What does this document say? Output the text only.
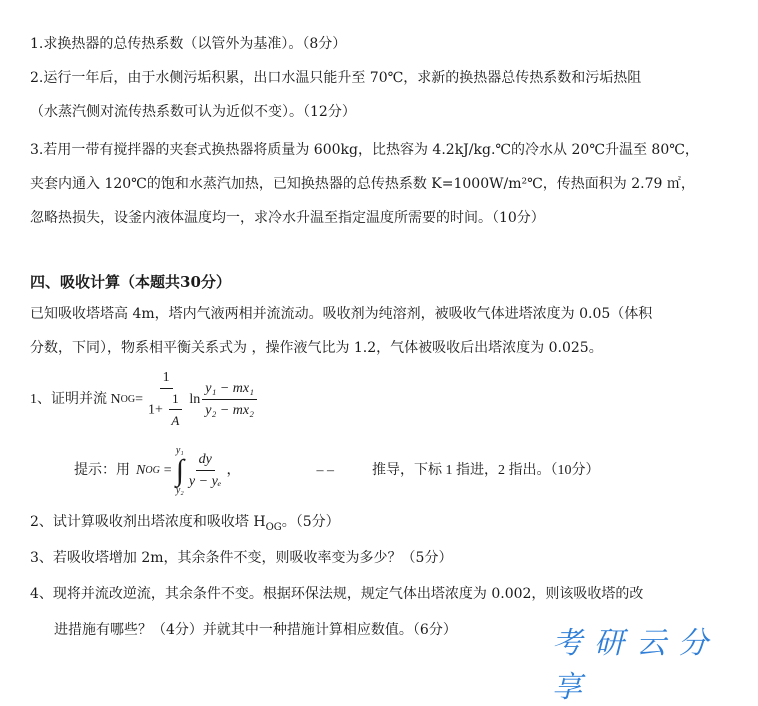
1.求换热器的总传热系数（以管外为基准）。（8分）
2.运行一年后，由于水侧污垢积累，出口水温只能升至 70℃，求新的换热器总传热系数和污垢热阻
（水蒸汽侧对流传热系数可认为近似不变）。（12分）
3.若用一带有搅拌器的夹套式换热器将质量为 600kg，比热容为 4.2kJ/kg.℃的冷水从 20℃升温至 80℃，
夹套内通入 120℃的饱和水蒸汽加热，已知换热器的总传热系数 K=1000W/m²℃，传热面积为 2.79 ㎡，
忽略热损失，设釜内液体温度均一，求冷水升温至指定温度所需要的时间。（10分）
四、吸收计算（本题共30分）
已知吸收塔塔高 4m，塔内气液两相并流流动。吸收剂为纯溶剂，被吸收气体进塔浓度为 0.05（体积
分数，下同），物系相平衡关系式为 ，操作液气比为 1.2，气体被吸收后出塔浓度为 0.025。
1、证明并流 N OG = $\frac{1}{1+ \frac{1}{A}}$ $\ln \frac{\text{y₁ − mx₁}}{\text{y₂ − mx₂}}$
提示：用 N OG =
y₁
∫
$y_2 \frac{dy}{\text{y − yₑ}}$ ，	– –	推导，下标 1 指进，2 指出。（10分）
2、试计算吸收剂出塔浓度和吸收塔 $H_{OG}$。（5分）
3、若吸收塔增加 2m，其余条件不变，则吸收率变为多少？（5分）
4、现将并流改逆流，其余条件不变。根据环保法规，规定气体出塔浓度为 0.002，则该吸收塔的改
进措施有哪些？（4分）并就其中一种措施计算相应数值。（6分）	考研云分享
